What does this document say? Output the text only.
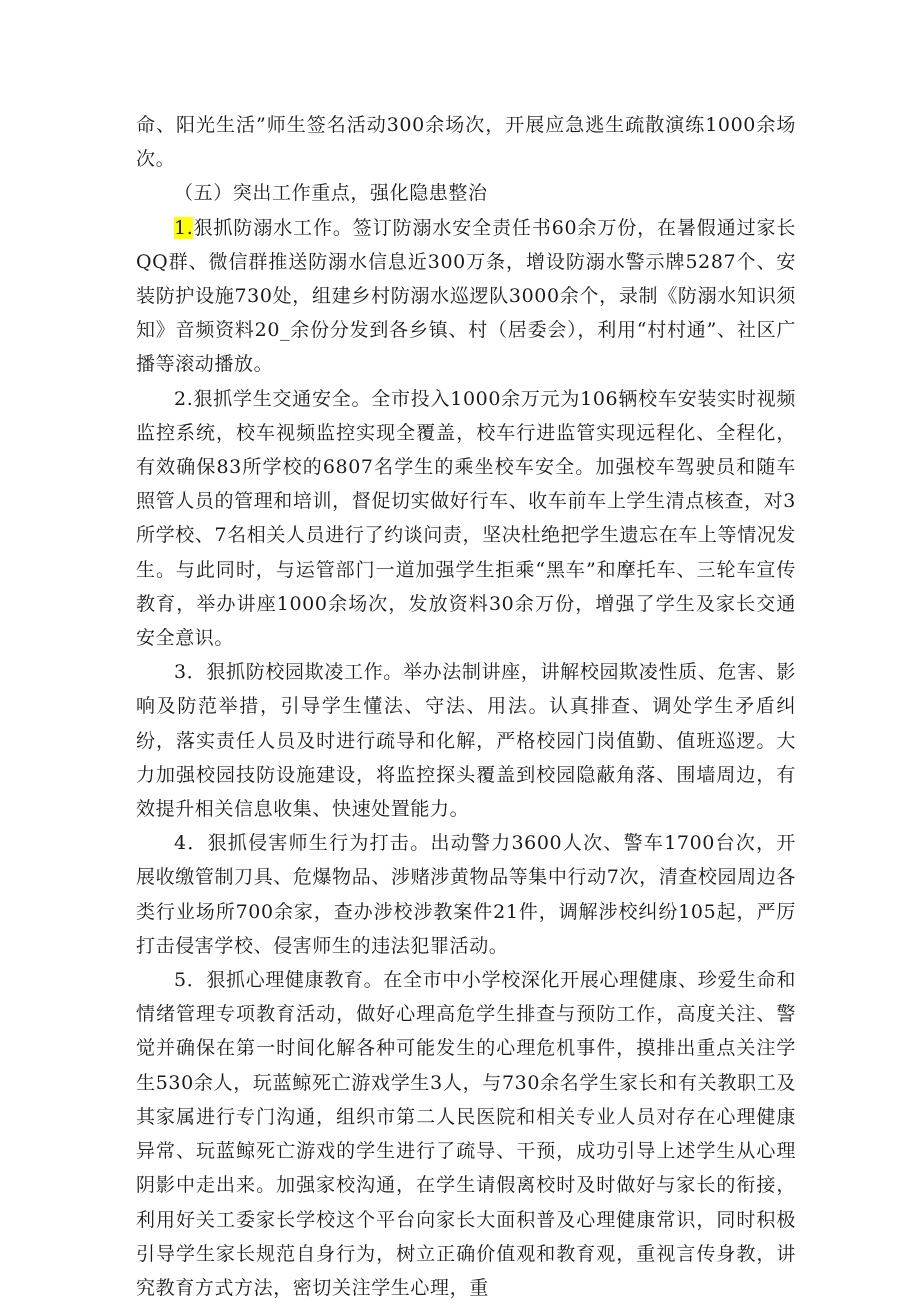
命、阳光生活”师生签名活动300余场次，开展应急逃生疏散演练1000余场次。

（五）突出工作重点，强化隐患整治

1.狠抓防溺水工作。签订防溺水安全责任书60余万份，在暑假通过家长QQ群、微信群推送防溺水信息近300万条，增设防溺水警示牌5287个、安装防护设施730处，组建乡村防溺水巡逻队3000余个，录制《防溺水知识须知》音频资料20_余份分发到各乡镇、村（居委会），利用“村村通”、社区广播等滚动播放。

2.狠抓学生交通安全。全市投入1000余万元为106辆校车安装实时视频监控系统，校车视频监控实现全覆盖，校车行进监管实现远程化、全程化，有效确保83所学校的6807名学生的乘坐校车安全。加强校车驾驶员和随车照管人员的管理和培训，督促切实做好行车、收车前车上学生清点核查，对3所学校、7名相关人员进行了约谈问责，坚决杜绝把学生遗忘在车上等情况发生。与此同时，与运管部门一道加强学生拒乘“黑车”和摩托车、三轮车宣传教育，举办讲座1000余场次，发放资料30余万份，增强了学生及家长交通安全意识。

3．狠抓防校园欺凌工作。举办法制讲座，讲解校园欺凌性质、危害、影响及防范举措，引导学生懂法、守法、用法。认真排查、调处学生矛盾纠纷，落实责任人员及时进行疏导和化解，严格校园门岗值勤、值班巡逻。大力加强校园技防设施建设，将监控探头覆盖到校园隐蔽角落、围墙周边，有效提升相关信息收集、快速处置能力。

4．狠抓侵害师生行为打击。出动警力3600人次、警车1700台次，开展收缴管制刀具、危爆物品、涉赌涉黄物品等集中行动7次，清查校园周边各类行业场所700余家，查办涉校涉教案件21件，调解涉校纠纷105起，严厉打击侵害学校、侵害师生的违法犯罪活动。

5．狠抓心理健康教育。在全市中小学校深化开展心理健康、珍爱生命和情绪管理专项教育活动，做好心理高危学生排查与预防工作，高度关注、警觉并确保在第一时间化解各种可能发生的心理危机事件，摸排出重点关注学生530余人，玩蓝鲸死亡游戏学生3人，与730余名学生家长和有关教职工及其家属进行专门沟通，组织市第二人民医院和相关专业人员对存在心理健康异常、玩蓝鲸死亡游戏的学生进行了疏导、干预，成功引导上述学生从心理阴影中走出来。加强家校沟通，在学生请假离校时及时做好与家长的衔接，利用好关工委家长学校这个平台向家长大面积普及心理健康常识，同时积极引导学生家长规范自身行为，树立正确价值观和教育观，重视言传身教，讲究教育方式方法，密切关注学生心理，重
